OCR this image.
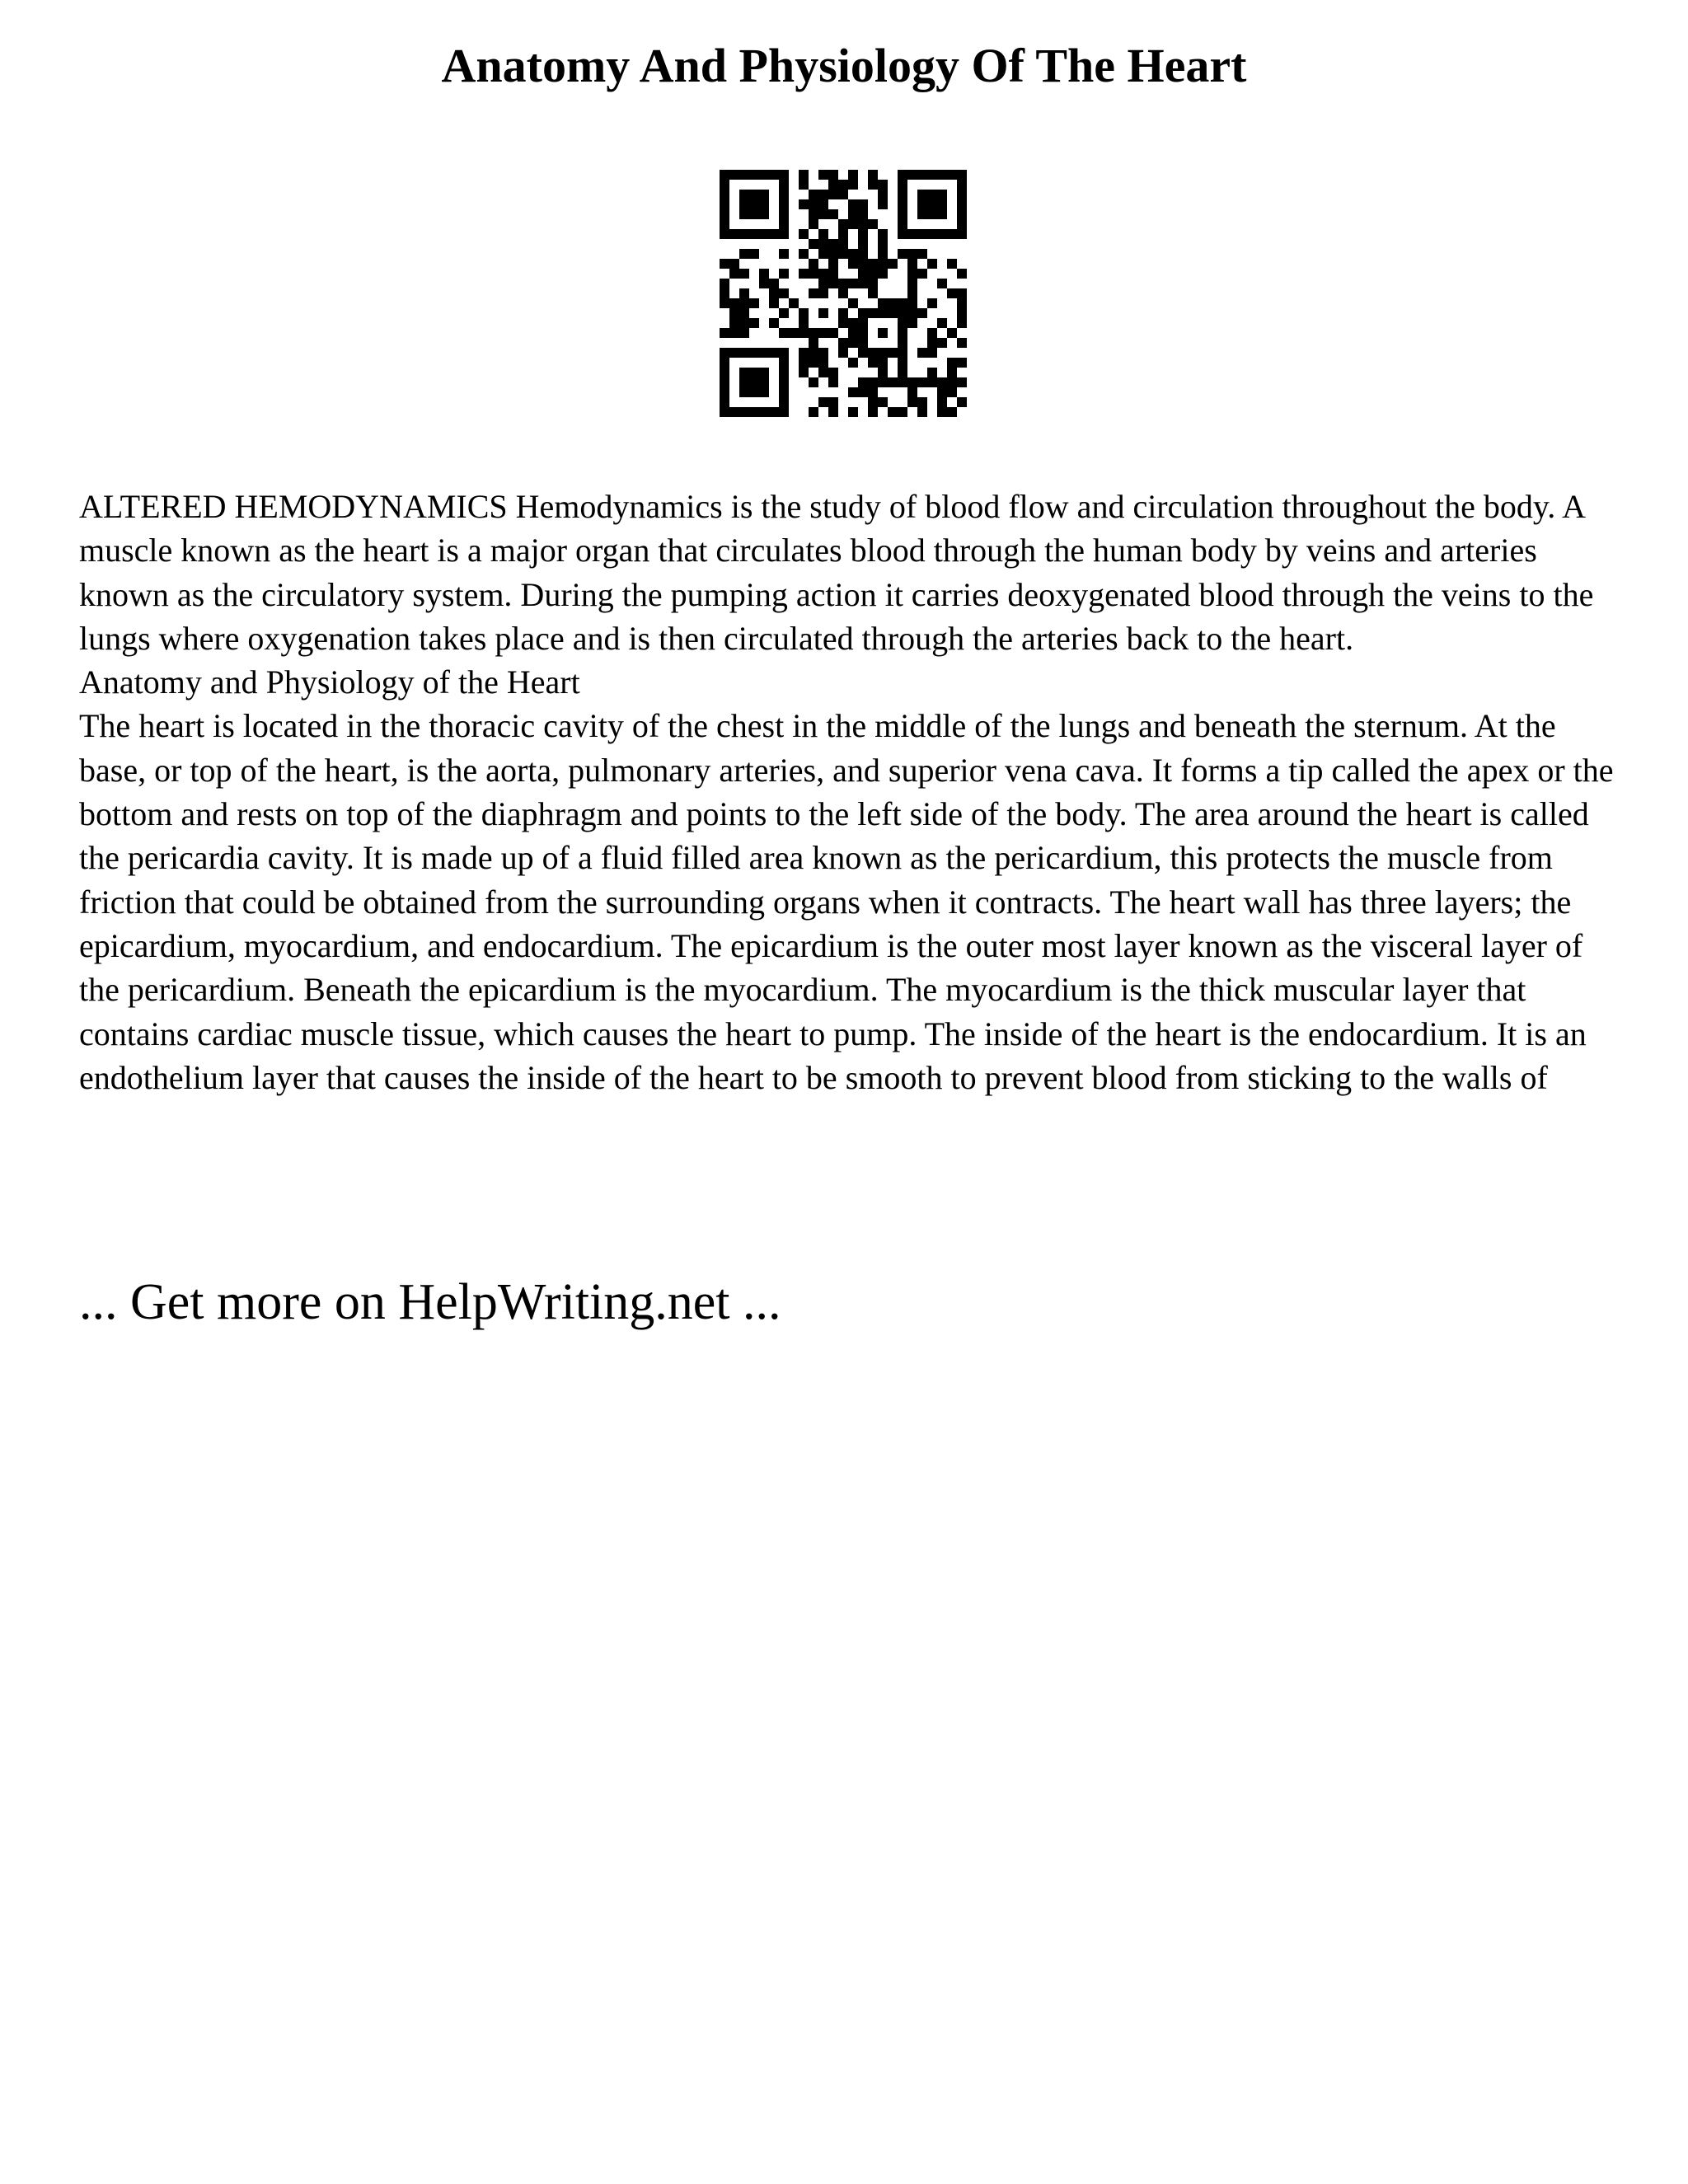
Anatomy And Physiology Of The Heart

ALTERED HEMODYNAMICS Hemodynamics is the study of blood flow and circulation throughout the body. A muscle known as the heart is a major organ that circulates blood through the human body by veins and arteries known as the circulatory system. During the pumping action it carries deoxygenated blood through the veins to the lungs where oxygenation takes place and is then circulated through the arteries back to the heart.

Anatomy and Physiology of the Heart

The heart is located in the thoracic cavity of the chest in the middle of the lungs and beneath the sternum. At the base, or top of the heart, is the aorta, pulmonary arteries, and superior vena cava. It forms a tip called the apex or the bottom and rests on top of the diaphragm and points to the left side of the body. The area around the heart is called the pericardia cavity. It is made up of a fluid filled area known as the pericardium, this protects the muscle from friction that could be obtained from the surrounding organs when it contracts. The heart wall has three layers; the epicardium, myocardium, and endocardium. The epicardium is the outer most layer known as the visceral layer of the pericardium. Beneath the epicardium is the myocardium. The myocardium is the thick muscular layer that contains cardiac muscle tissue, which causes the heart to pump. The inside of the heart is the endocardium. It is an endothelium layer that causes the inside of the heart to be smooth to prevent blood from sticking to the walls of

... Get more on HelpWriting.net ...
